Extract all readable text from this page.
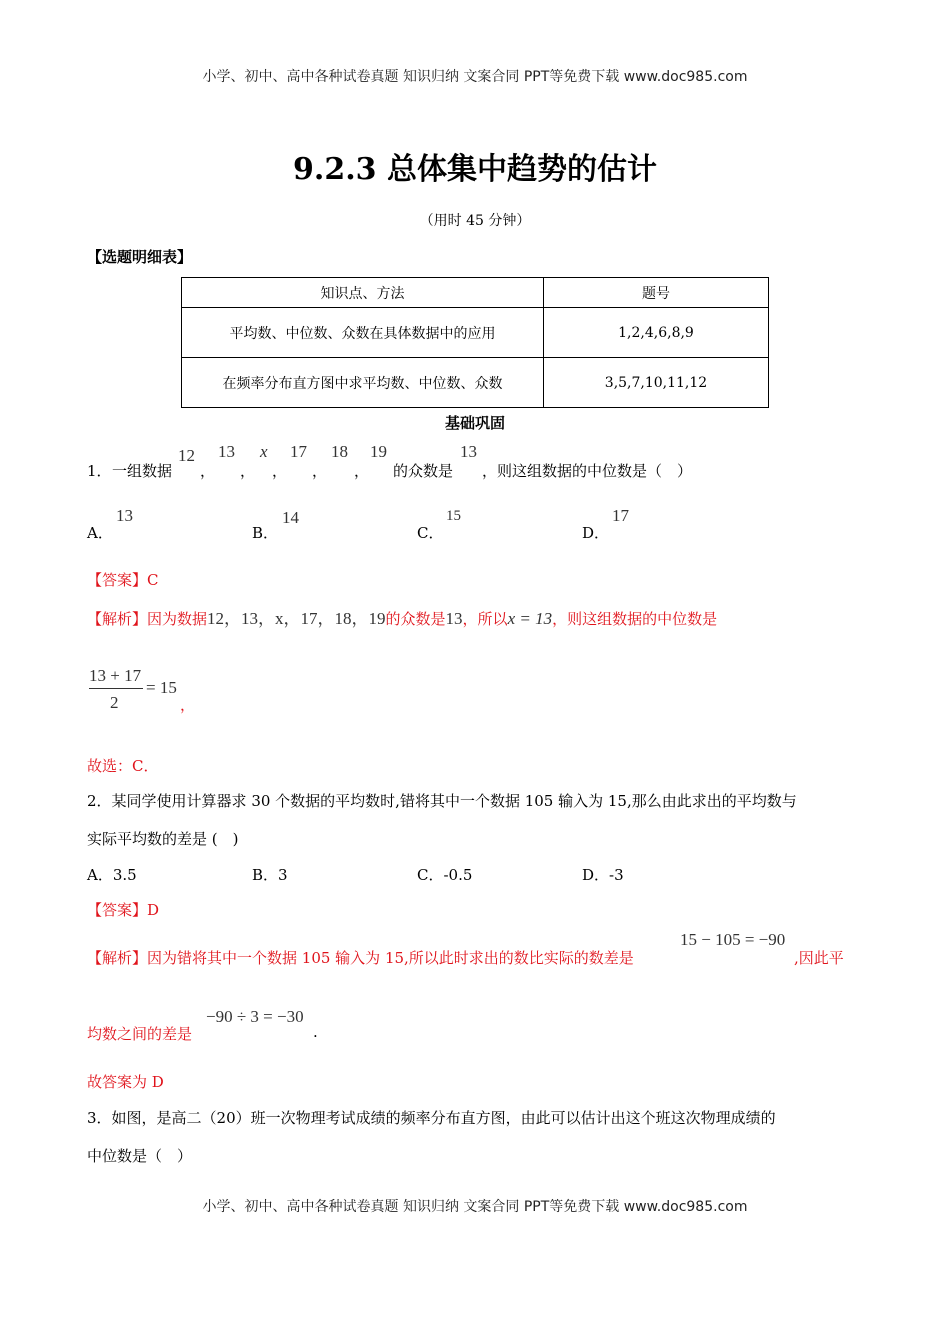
小学、初中、高中各种试卷真题 知识归纳 文案合同 PPT等免费下载 www.doc985.com
9.2.3 总体集中趋势的估计
（用时 45 分钟）
【选题明细表】
知识点、方法	题号
平均数、中位数、众数在具体数据中的应用	1,2,4,6,8,9
在频率分布直方图中求平均数、中位数、众数	3,5,7,10,11,12
基础巩固
1． 一组数据
12
，
13
，
x
，
17
，
18
，
19
的众数是
13
，则这组数据的中位数是（　）
A．
13
B．
14
C．
15
D．
17
【答案】C
【解析】因为数据12，13，x，17，18，19的众数是13，所以x = 13，则这组数据的中位数是
13 + 17
2
= 15
，
故选：C．
2．某同学使用计算器求 30 个数据的平均数时,错将其中一个数据 105 输入为 15,那么由此求出的平均数与
实际平均数的差是 (　)
A．3.5	B．3	C．-0.5	D．-3
【答案】D
【解析】因为错将其中一个数据 105 输入为 15,所以此时求出的数比实际的数差是
15 − 105 = −90
,因此平
均数之间的差是
−90 ÷ 3 = −30
.
故答案为 D
3．如图，是高二（20）班一次物理考试成绩的频率分布直方图，由此可以估计出这个班这次物理成绩的
中位数是（　）
小学、初中、高中各种试卷真题 知识归纳 文案合同 PPT等免费下载 www.doc985.com
